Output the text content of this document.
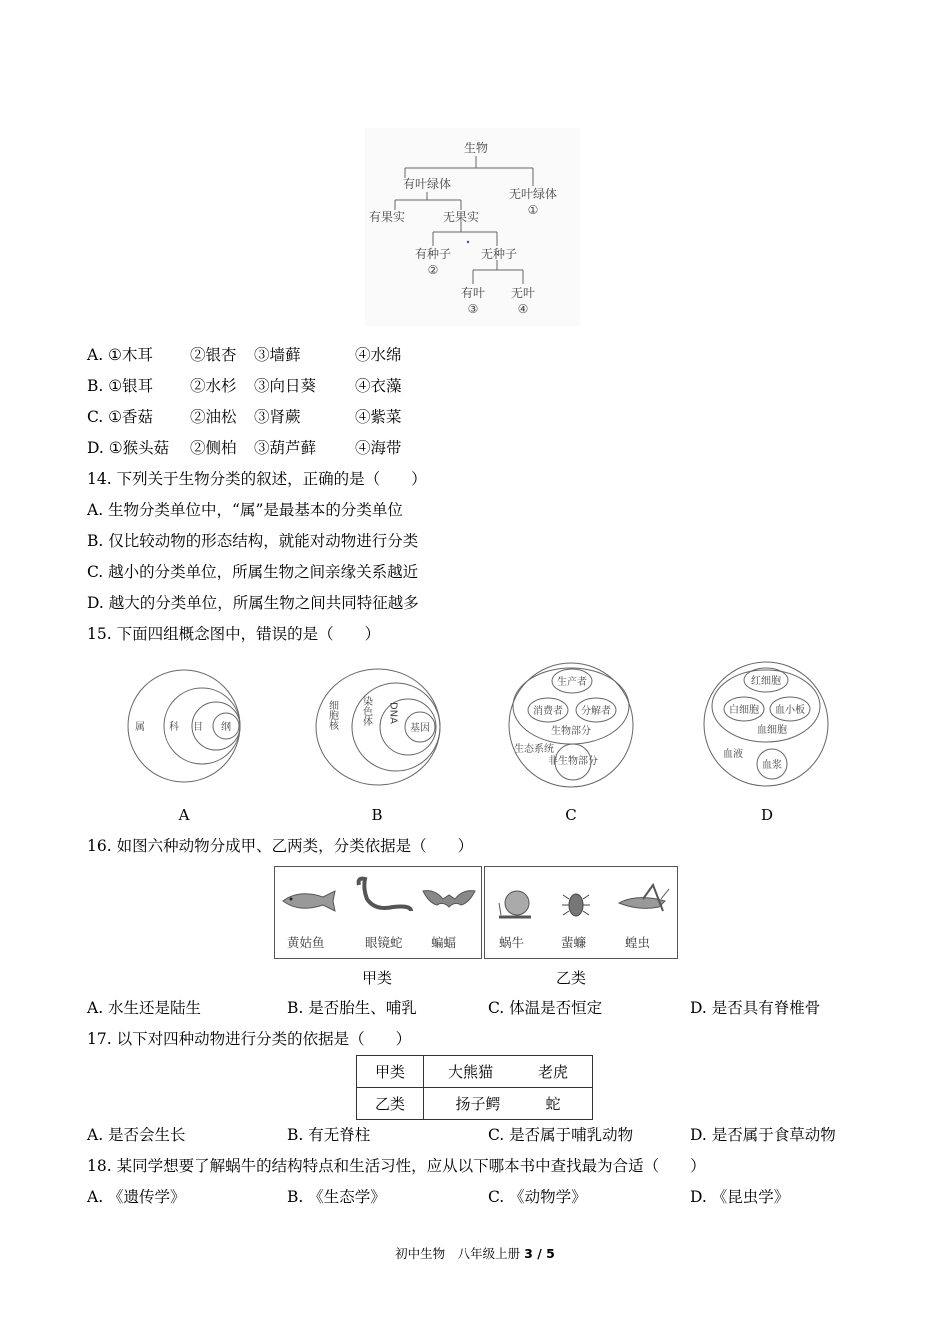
生物
有叶绿体
无叶绿体
①
有果实	无果实
有种子
②
无种子
有叶
③
无叶
④
A. ①木耳 ②银杏 ③墙藓	④水绵
B. ①银耳 ②水杉 ③向日葵	④衣藻
C. ①香菇 ②油松 ③肾蕨	④紫菜
D. ①猴头菇 ②侧柏 ③葫芦藓	④海带
14. 下列关于生物分类的叙述，正确的是（　　）
A. 生物分类单位中，“属”是最基本的分类单位
B. 仅比较动物的形态结构，就能对动物进行分类
C. 越小的分类单位，所属生物之间亲缘关系越近
D. 越大的分类单位，所属生物之间共同特征越多
15. 下面四组概念图中，错误的是（　　）
属 科 目 纲	细胞核 染色体 DNA
基因
生产者
消费者 分解者
生物部分
生态系统
非生物部分
红细胞
白细胞 血小板
血细胞
血液
血浆
A	B	C	D
16. 如图六种动物分成甲、乙两类，分类依据是（　　）
黄姑鱼	眼镜蛇 蝙蝠	蜗牛	蜚蠊	蝗虫
甲类	乙类
A. 水生还是陆生	B. 是否胎生、哺乳	C. 体温是否恒定	D. 是否具有脊椎骨
17. 以下对四种动物进行分类的依据是（　　）
甲类	大熊猫　　　老虎
乙类	扬子鳄　　　蛇
A. 是否会生长	B. 有无脊柱	C. 是否属于哺乳动物	D. 是否属于食草动物
18. 某同学想要了解蜗牛的结构特点和生活习性，应从以下哪本书中查找最为合适（　　）
A. 《遗传学》	B. 《生态学》	C. 《动物学》	D. 《昆虫学》
初中生物　八年级上册 3 / 5
